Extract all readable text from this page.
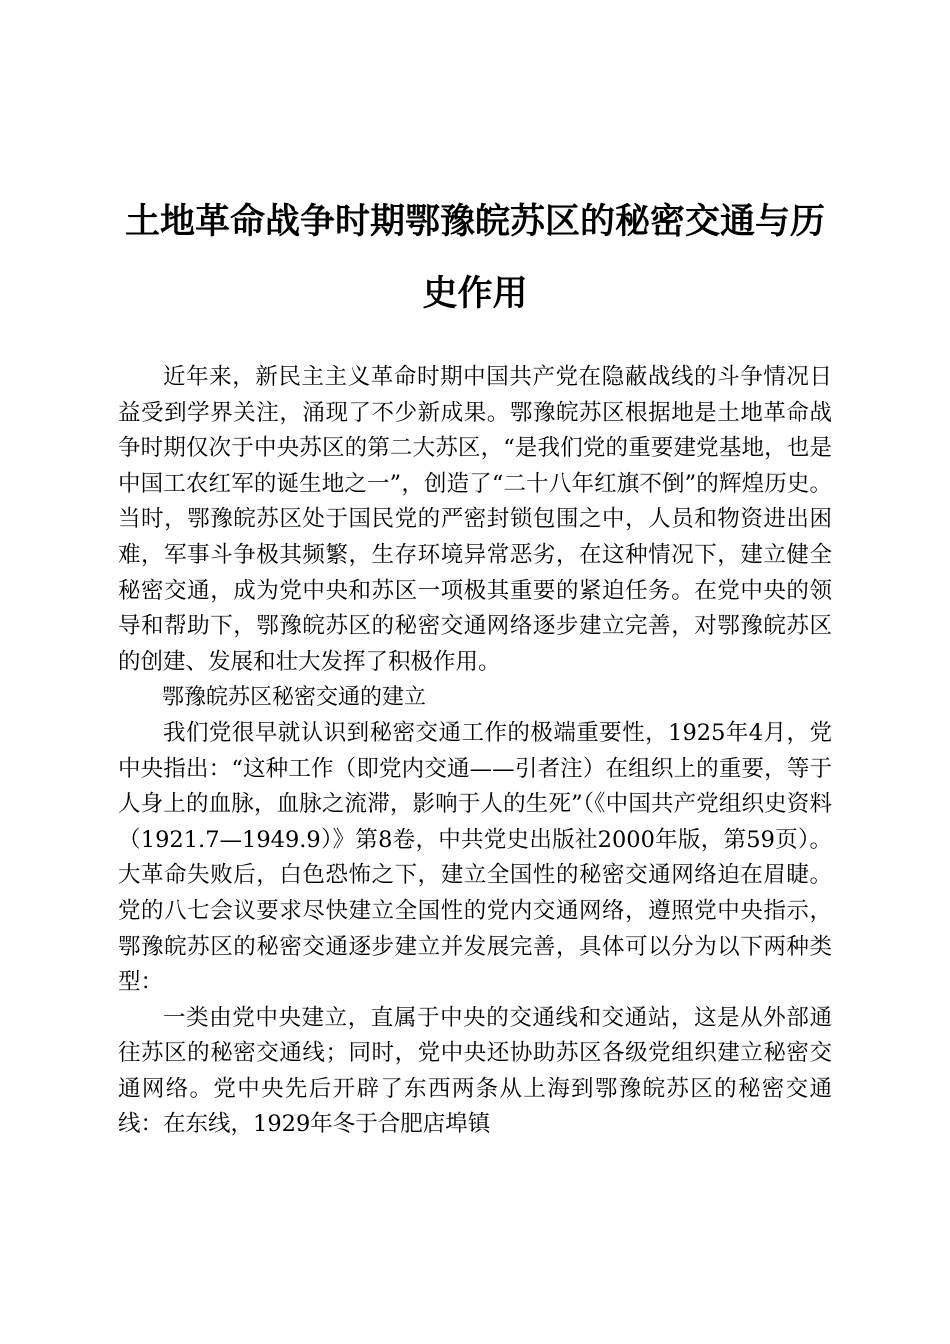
土地革命战争时期鄂豫皖苏区的秘密交通与历史作用

近年来，新民主主义革命时期中国共产党在隐蔽战线的斗争情况日益受到学界关注，涌现了不少新成果。鄂豫皖苏区根据地是土地革命战争时期仅次于中央苏区的第二大苏区，“是我们党的重要建党基地，也是中国工农红军的诞生地之一”，创造了“二十八年红旗不倒”的辉煌历史。当时，鄂豫皖苏区处于国民党的严密封锁包围之中，人员和物资进出困难，军事斗争极其频繁，生存环境异常恶劣，在这种情况下，建立健全秘密交通，成为党中央和苏区一项极其重要的紧迫任务。在党中央的领导和帮助下，鄂豫皖苏区的秘密交通网络逐步建立完善，对鄂豫皖苏区的创建、发展和壮大发挥了积极作用。

鄂豫皖苏区秘密交通的建立

我们党很早就认识到秘密交通工作的极端重要性，1925年4月，党中央指出：“这种工作（即党内交通——引者注）在组织上的重要，等于人身上的血脉，血脉之流滞，影响于人的生死”（《中国共产党组织史资料（1921.7—1949.9）》第8卷，中共党史出版社2000年版，第59页）。大革命失败后，白色恐怖之下，建立全国性的秘密交通网络迫在眉睫。党的八七会议要求尽快建立全国性的党内交通网络，遵照党中央指示，鄂豫皖苏区的秘密交通逐步建立并发展完善，具体可以分为以下两种类型：

一类由党中央建立，直属于中央的交通线和交通站，这是从外部通往苏区的秘密交通线；同时，党中央还协助苏区各级党组织建立秘密交通网络。党中央先后开辟了东西两条从上海到鄂豫皖苏区的秘密交通线：在东线，1929年冬于合肥店埠镇
